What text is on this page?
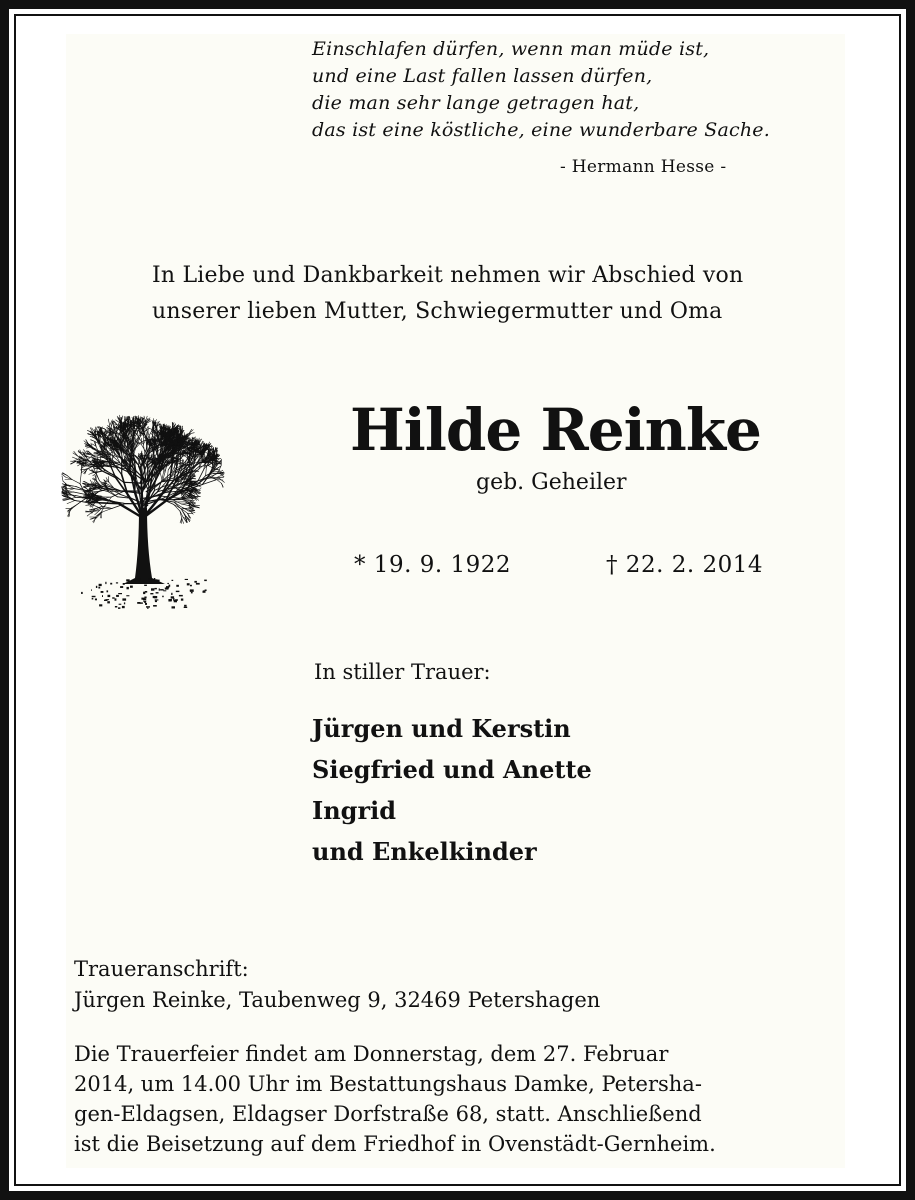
Einschlafen dürfen, wenn man müde ist,
und eine Last fallen lassen dürfen,
die man sehr lange getragen hat,
das ist eine köstliche, eine wunderbare Sache.
- Hermann Hesse -
In Liebe und Dankbarkeit nehmen wir Abschied von
unserer lieben Mutter, Schwiegermutter und Oma
Hilde Reinke
geb. Geheiler
* 19. 9. 1922	† 22. 2. 2014
In stiller Trauer:
Jürgen und Kerstin
Siegfried und Anette
Ingrid
und Enkelkinder
Traueranschrift:
Jürgen Reinke, Taubenweg 9, 32469 Petershagen
Die Trauerfeier findet am Donnerstag, dem 27. Februar
2014, um 14.00 Uhr im Bestattungshaus Damke, Petersha-
gen-Eldagsen, Eldagser Dorfstraße 68, statt. Anschließend
ist die Beisetzung auf dem Friedhof in Ovenstädt-Gernheim.
